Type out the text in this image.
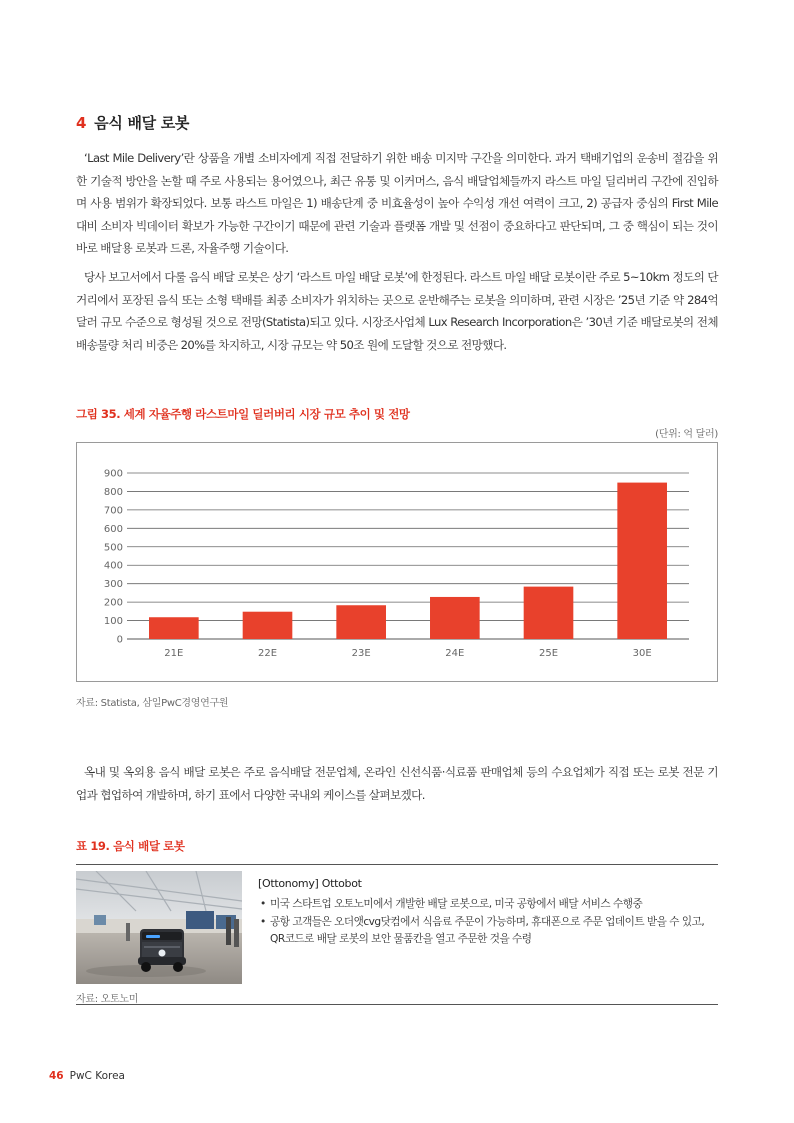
4 음식 배달 로봇

‘Last Mile Delivery’란 상품을 개별 소비자에게 직접 전달하기 위한 배송 미지막 구간을 의미한다. 과거 택배기업의 운송비 절감을 위한 기술적 방안을 논할 때 주로 사용되는 용어였으나, 최근 유통 및 이커머스, 음식 배달업체들까지 라스트 마일 딜리버리 구간에 진입하며 사용 범위가 확장되었다. 보통 라스트 마일은 1) 배송단계 중 비효율성이 높아 수익성 개선 여력이 크고, 2) 공급자 중심의 First Mile 대비 소비자 빅데이터 확보가 가능한 구간이기 때문에 관련 기술과 플랫폼 개발 및 선점이 중요하다고 판단되며, 그 중 핵심이 되는 것이 바로 배달용 로봇과 드론, 자율주행 기술이다.

당사 보고서에서 다룰 음식 배달 로봇은 상기 ‘라스트 마일 배달 로봇’에 한정된다. 라스트 마일 배달 로봇이란 주로 5~10km 정도의 단거리에서 포장된 음식 또는 소형 택배를 최종 소비자가 위치하는 곳으로 운반해주는 로봇을 의미하며, 관련 시장은 ’25년 기준 약 284억 달러 규모 수준으로 형성될 것으로 전망(Statista)되고 있다. 시장조사업체 Lux Research Incorporation은 ’30년 기준 배달로봇의 전체 배송물량 처리 비중은 20%를 차지하고, 시장 규모는 약 50조 원에 도달할 것으로 전망했다.

그림 35. 세계 자율주행 라스트마일 딜러버리 시장 규모 추이 및 전망
(단위: 억 달러)
0
100
200
300
400
500
600
700
800
900
21E	22E	23E	24E	25E	30E
자료: Statista, 삼일PwC경영연구원

옥내 및 옥외용 음식 배달 로봇은 주로 음식배달 전문업체, 온라인 신선식품·식료품 판매업체 등의 수요업체가 직접 또는 로봇 전문 기업과 협업하여 개발하며, 하기 표에서 다양한 국내외 케이스를 살펴보겠다.

표 19. 음식 배달 로봇
[Ottonomy] Ottobot
• 미국 스타트업 오토노미에서 개발한 배달 로봇으로, 미국 공항에서 배달 서비스 수행중
• 공항 고객들은 오더앳cvg닷컴에서 식음료 주문이 가능하며, 휴대폰으로 주문 업데이트 받을 수 있고, QR코드로 배달 로봇의 보안 물품칸을 열고 주문한 것을 수령
자료: 오토노미
46 PwC Korea
